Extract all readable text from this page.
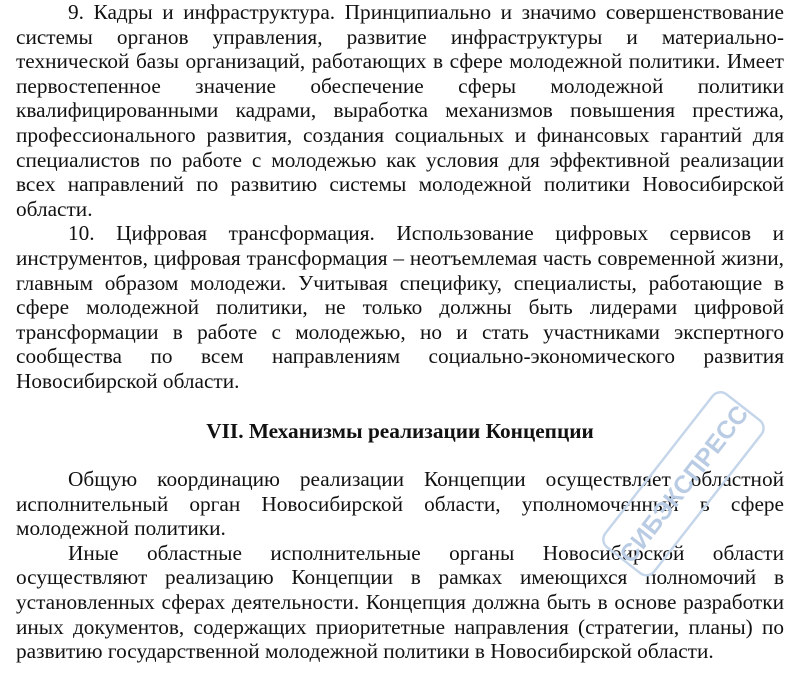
9. Кадры и инфраструктура. Принципиально и значимо совершенствование системы органов управления, развитие инфраструктуры и материально-технической базы организаций, работающих в сфере молодежной политики. Имеет первостепенное значение обеспечение сферы молодежной политики квалифицированными кадрами, выработка механизмов повышения престижа, профессионального развития, создания социальных и финансовых гарантий для специалистов по работе с молодежью как условия для эффективной реализации всех направлений по развитию системы молодежной политики Новосибирской области.

10. Цифровая трансформация. Использование цифровых сервисов и инструментов, цифровая трансформация – неотъемлемая часть современной жизни, главным образом молодежи. Учитывая специфику, специалисты, работающие в сфере молодежной политики, не только должны быть лидерами цифровой трансформации в работе с молодежью, но и стать участниками экспертного сообщества по всем направлениям социально-экономического развития Новосибирской области.

VII. Механизмы реализации Концепции

Общую координацию реализации Концепции осуществляет областной исполнительный орган Новосибирской области, уполномоченный в сфере молодежной политики.

Иные областные исполнительные органы Новосибирской области осуществляют реализацию Концепции в рамках имеющихся полномочий в установленных сферах деятельности. Концепция должна быть в основе разработки иных документов, содержащих приоритетные направления (стратегии, планы) по развитию государственной молодежной политики в Новосибирской области.

СИБЭКСПРЕСС
